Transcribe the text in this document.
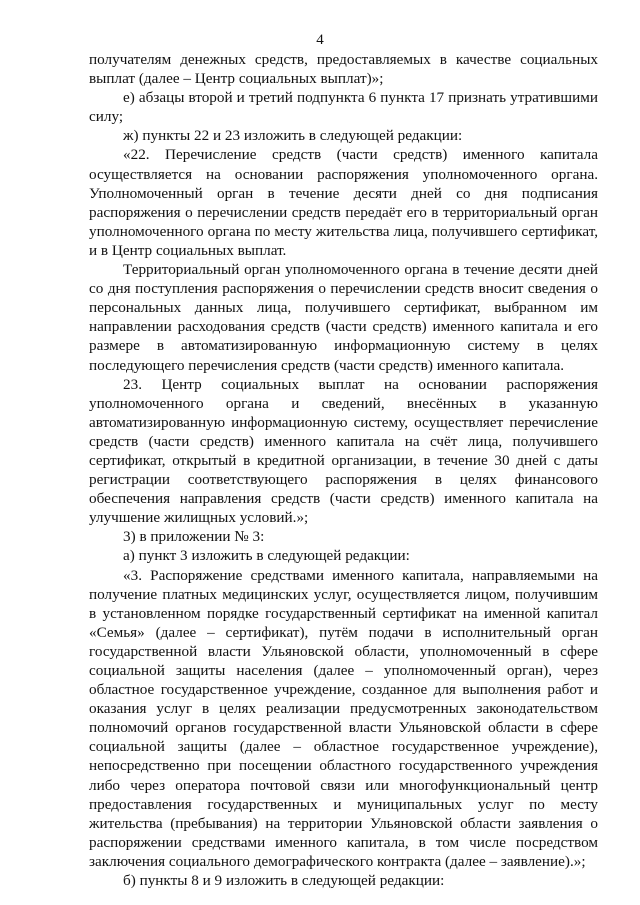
4

получателям денежных средств, предоставляемых в качестве социальных выплат (далее – Центр социальных выплат)»;

е) абзацы второй и третий подпункта 6 пункта 17 признать утратившими силу;

ж) пункты 22 и 23 изложить в следующей редакции:

«22. Перечисление средств (части средств) именного капитала осуществляется на основании распоряжения уполномоченного органа. Уполномоченный орган в течение десяти дней со дня подписания распоряжения о перечислении средств передаёт его в территориальный орган уполномоченного органа по месту жительства лица, получившего сертификат, и в Центр социальных выплат.

Территориальный орган уполномоченного органа в течение десяти дней со дня поступления распоряжения о перечислении средств вносит сведения о персональных данных лица, получившего сертификат, выбранном им направлении расходования средств (части средств) именного капитала и его размере в автоматизированную информационную систему в целях последующего перечисления средств (части средств) именного капитала.

23. Центр социальных выплат на основании распоряжения уполномоченного органа и сведений, внесённых в указанную автоматизированную информационную систему, осуществляет перечисление средств (части средств) именного капитала на счёт лица, получившего сертификат, открытый в кредитной организации, в течение 30 дней с даты регистрации соответствующего распоряжения в целях финансового обеспечения направления средств (части средств) именного капитала на улучшение жилищных условий.»;

3) в приложении № 3:

а) пункт 3 изложить в следующей редакции:

«3. Распоряжение средствами именного капитала, направляемыми на получение платных медицинских услуг, осуществляется лицом, получившим в установленном порядке государственный сертификат на именной капитал «Семья» (далее – сертификат), путём подачи в исполнительный орган государственной власти Ульяновской области, уполномоченный в сфере социальной защиты населения (далее – уполномоченный орган), через областное государственное учреждение, созданное для выполнения работ и оказания услуг в целях реализации предусмотренных законодательством полномочий органов государственной власти Ульяновской области в сфере социальной защиты (далее – областное государственное учреждение), непосредственно при посещении областного государственного учреждения либо через оператора почтовой связи или многофункциональный центр предоставления государственных и муниципальных услуг по месту жительства (пребывания) на территории Ульяновской области заявления о распоряжении средствами именного капитала, в том числе посредством заключения социального демографического контракта (далее – заявление).»;

б) пункты 8 и 9 изложить в следующей редакции:
